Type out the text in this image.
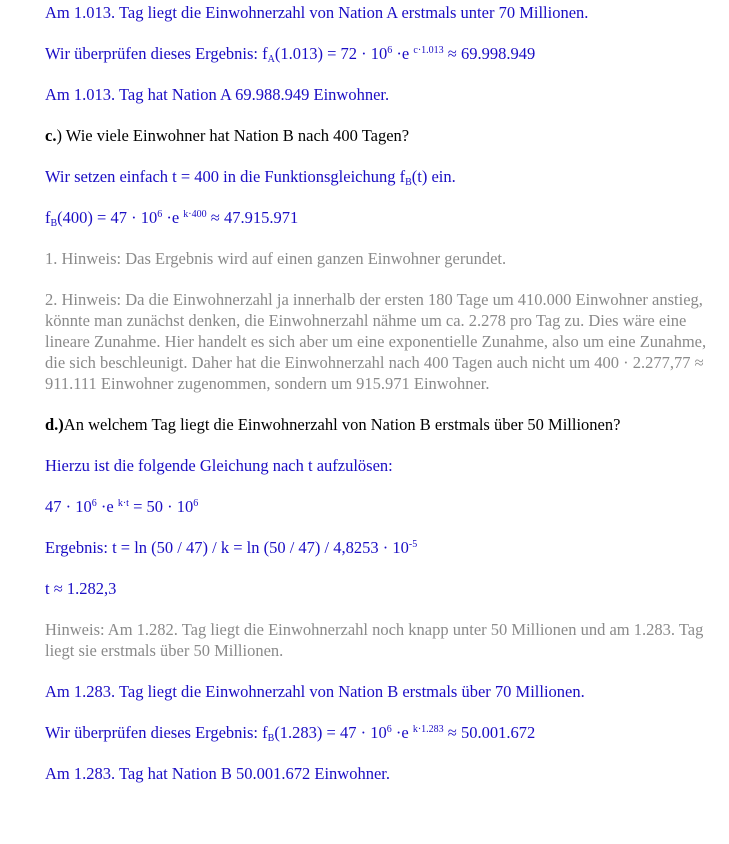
Am 1.013. Tag liegt die Einwohnerzahl von Nation A erstmals unter 70 Millionen.

Wir überprüfen dieses Ergebnis: $f_A(1.013) = 72 \cdot 10^6 \cdot e$ $^{c\cdot 1.013}$ ≈ 69.998.949

Am 1.013. Tag hat Nation A 69.988.949 Einwohner.

c.) Wie viele Einwohner hat Nation B nach 400 Tagen?

Wir setzen einfach t = 400 in die Funktionsgleichung $f_B(t)$ ein.

$f_B(400) = 47 \cdot 10^6 \cdot e$ $^{k\cdot 400}$ ≈ 47.915.971

1. Hinweis: Das Ergebnis wird auf einen ganzen Einwohner gerundet.

2. Hinweis: Da die Einwohnerzahl ja innerhalb der ersten 180 Tage um 410.000 Einwohner anstieg, könnte man zunächst denken, die Einwohnerzahl nähme um ca. 2.278 pro Tag zu. Dies wäre eine lineare Zunahme. Hier handelt es sich aber um eine exponentielle Zunahme, also um eine Zunahme, die sich beschleunigt. Daher hat die Einwohnerzahl nach 400 Tagen auch nicht um 400 · 2.277,77 ≈ 911.111 Einwohner zugenommen, sondern um 915.971 Einwohner.

d.)An welchem Tag liegt die Einwohnerzahl von Nation B erstmals über 50 Millionen?

Hierzu ist die folgende Gleichung nach t aufzulösen:

$47 \cdot 10^6 \cdot e$ $^{k\cdot t} = 50 \cdot 10^6$

Ergebnis: $t = \ln (50 / 47) / k = \ln (50 / 47) / 4,8253 \cdot 10^{-5}$

t ≈ 1.282,3

Hinweis: Am 1.282. Tag liegt die Einwohnerzahl noch knapp unter 50 Millionen und am 1.283. Tag liegt sie erstmals über 50 Millionen.

Am 1.283. Tag liegt die Einwohnerzahl von Nation B erstmals über 70 Millionen.

Wir überprüfen dieses Ergebnis: $f_B(1.283) = 47 \cdot 10^6 \cdot e$ $^{k\cdot 1.283}$ ≈ 50.001.672

Am 1.283. Tag hat Nation B 50.001.672 Einwohner.
